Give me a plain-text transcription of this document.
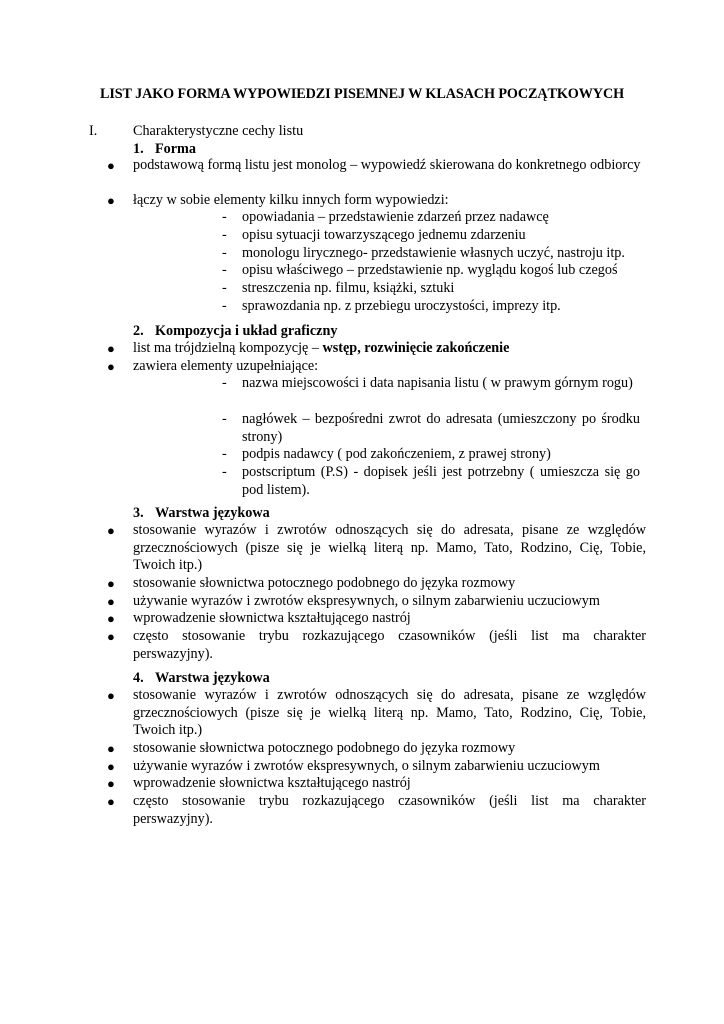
LIST JAKO FORMA WYPOWIEDZI PISEMNEJ W KLASACH POCZĄTKOWYCH
I.	Charakterystyczne cechy listu
1. Forma
●	podstawową formą listu jest monolog – wypowiedź skierowana do konkretnego odbiorcy
●	łączy w sobie elementy kilku innych form wypowiedzi:
- opowiadania – przedstawienie zdarzeń przez nadawcę
- opisu sytuacji towarzyszącego jednemu zdarzeniu
- monologu lirycznego- przedstawienie własnych uczyć, nastroju itp.
- opisu właściwego – przedstawienie np. wyglądu kogoś lub czegoś
- streszczenia np. filmu, książki, sztuki
- sprawozdania np. z przebiegu uroczystości, imprezy itp.
2. Kompozycja i układ graficzny
●	list ma trójdzielną kompozycję – wstęp, rozwinięcie zakończenie
●	zawiera elementy uzupełniające:
- nazwa miejscowości i data napisania listu ( w prawym górnym rogu)
- nagłówek – bezpośredni zwrot do adresata (umieszczony po środku strony)
- podpis nadawcy ( pod zakończeniem, z prawej strony)
- postscriptum (P.S) - dopisek jeśli jest potrzebny ( umieszcza się go pod listem).
3. Warstwa językowa
●	stosowanie wyrazów i zwrotów odnoszących się do adresata, pisane ze względów grzecznościowych (pisze się je wielką literą np. Mamo, Tato, Rodzino, Cię, Tobie, Twoich itp.)
●	stosowanie słownictwa potocznego podobnego do języka rozmowy
●	używanie wyrazów i zwrotów ekspresywnych, o silnym zabarwieniu uczuciowym
●	wprowadzenie słownictwa kształtującego nastrój
●	często stosowanie trybu rozkazującego czasowników (jeśli list ma charakter perswazyjny).
4. Warstwa językowa
●	stosowanie wyrazów i zwrotów odnoszących się do adresata, pisane ze względów grzecznościowych (pisze się je wielką literą np. Mamo, Tato, Rodzino, Cię, Tobie, Twoich itp.)
●	stosowanie słownictwa potocznego podobnego do języka rozmowy
●	używanie wyrazów i zwrotów ekspresywnych, o silnym zabarwieniu uczuciowym
●	wprowadzenie słownictwa kształtującego nastrój
●	często stosowanie trybu rozkazującego czasowników (jeśli list ma charakter perswazyjny).
